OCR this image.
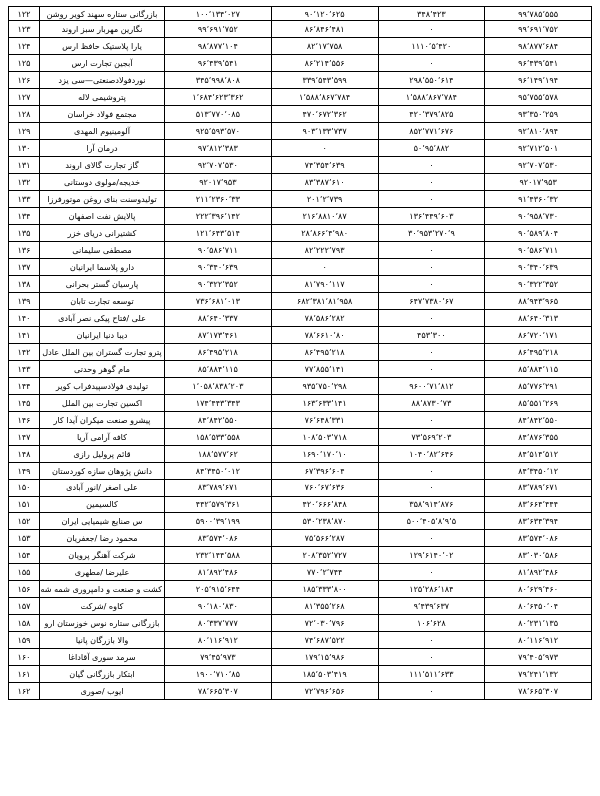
۹۹٬۷۸۵٬۵۵۵	۳۴۸٬۴۲۳	۹۰٬۱۲۰٬۶۲۵	۱۰۰٬۱۳۴٬۰۲۷	بازرگانی ستاره سهند کویر روشن	۱۲۲
۹۹٬۶۹۱٬۷۵۲	٠	۸۶٬۸۴۶٬۴۸۱	۹۹٬۶۹۱٬۷۵۲	نگارین مهربار سبز اروند	۱۲۳
۹۸٬۸۷۷٬۶۸۴	۱۱۱٠٬۵٬۴۲٠	۸۲٬۱۷٬۷۵۸	۹۸٬۸۷۷٬۱۰۴	یارا پلاستیک حافظ ارس	۱۲۴
۹۶٬۴۳۹٬۵۴۱	٠	۸۶٬۲۱۴٬۵۵۶	۹۶٬۴۳۹٬۵۴۱	آبجین تجارت ارس	۱۲۵
۹۶٬۱۴۹٬۱۹۴	۲۹۸٬۵۵٠٬۶۱۴	۳۳۹٬۵۴۳٬۵۹۹	۳۴۵٬۹۹۸٬۸٠۸	نوردفولادصنعتی—سی یزد	۱۲۶
۹۵٬۷۵۵٬۵۷۸	۱٬۵۸۸٬۸۶۷٬۷۸۴	۱٬۵۸۸٬۸۶۷٬۷۸۴	۱٬۶۸۴٬۶۲۳٬۳۶۲	پتروشیمی لاله	۱۲۷
۹۳٬۳۵٠٬۲۵۹	۴۲٠٬۳۷۹٬۸۲۵	۴۷٠٬۶۷۲٬۳۶۲	۵۱۳٬۷۷٠٬٠۸۵	مجتمع فولاد خراسان	۱۲۸
۹۲٬۸۱٠٬۸۹۴	۸۵۲٬۷۷۱٬۶۷۶	۹٠۳٬۱۳۳٬۷۳۷	۹۲۵٬۵۹۳٬۵۷٠	آلومینیوم المهدی	۱۲۹
۹۲٬۷۱۲٬۵٠۱	۵٠٬۹۵٬۸۸۲	٠	۹۷٬۸۱۲٬۳۸۳	درمان آرا	۱۳٠
۹۲٬۷٠۷٬۵۳٠	٠	۷۴٬۳۵۴٬۶۳۹	۹۲٬۷٠۷٬۵۳٠	گاز تجارت گالای اروند	۱۳۱
۹۲٠۱۷٬۹۵۳	٠	۸۳٬۳۸۷٬۶۱٠	۹۲٠۱۷٬۹۵۳	خدیجه/مولوی دوستانی	۱۳۲
۹۱٬۴۳۶٠٬۳۲	٠	۲٠۱٬۲٬۷۳۹	۲۱۱٬۲۳۶٠٬۳۳	تولیدوسنت بنای روغن موتورفرزا	۱۳۳
۹٠٬۹۵۸٬۷۳٠	۱۳۶٬۴۴۹٬۶٠۳	۲۱۶٬۸۸۱٠٬۸۷	۲۲۲٬۳۹۶٬۱۴۲	پالایش نفت اصفهان	۱۳۴
۹٠٬۵۸۹٬۸٠۴	۳٠٬۹۵۳٬۲۷٠٬۹	۲۸٬۸۶۶٬۴٬۹۸٠	۱۲۱٬۶۴۳٬۵۱۴	کشتیرانی دریای خزر	۱۳۵
۹٠٬۵۸۶٬۷۱۱	٠	۸۲٬۲۲۲٬۷۹۳	۹٠٬۵۸۶٬۷۱۱	مصطفی سلیمانی	۱۳۶
۹٠٬۳۴٠٬۶۳۹	٠	٠	۹٠٬۳۴٠٬۶۳۹	دارو پلاسما ایرانیان	۱۳۷
۹٠٬۳۲۲٬۳۵۲	٠	۸۱٬۷۹٠٬۱۱۷	۹٠٬۳۲۲٬۳۵۲	پارسیان گستر بحرانی	۱۳۸
۸۸٬۹۴۳٬۹۶۵	۶۴۷٬۷۳۸٠٬۶۷	۶۸۲٬۳۸۱٬۸۱٬۹۵۸	۷۳۶٬۶۸۱٬٠۱۳	توسعه تجارت تابان	۱۳۹
۸۸٬۶۴٠٬۳۱۳	٠	۷۸٬۵۸۶٬۲۸۲	۸۸٬۶۴٠٬۳۳۷	علی /فتاح پیکی نصر آبادی	۱۴٠
۸۶٬۷۲٠٬۱۷۱	۴۵۳٬۳٠٠	۷۸٬۶۶۱٠٬۸٠	۸۷٬۱۷۳٬۴۶۱	دیبا دنیا ایرانیان	۱۴۱
۸۶٬۴۹۵٬۲۱۸	٠	۸۶٬۴۹۵٬۲۱۸	۸۶٬۴۹۵٬۲۱۸	پترو تجارت گستران بین الملل عادل	۱۴۲
۸۵٬۸۸۴٬۱۱۵	٠	۷۷٬۸۵۵٬۱۴۱	۸۵٬۸۸۴٬۱۱۵	مام گوهر وحدتی	۱۴۳
۸۵٬۷۷۶٬۲۹۱	۹۶٠٠٬۷۱٬۸۱۲	۹۳۵٬۷۵٠٬۲۹۸	۱٬٠۵۸٬۸۳۸٬۲٠۳	تولیدی فولادسپیدفراب کویر	۱۴۴
۸۵٬۵۵۱٬۲۶۹	۸۸٬۸۷۳٠٬۷۳	۱۶۳٬۶۳۳٬۱۴۱	۱۷۴٬۴۴۳٬۳۴۳	اکسین تجارت بین الملل	۱۴۵
۸۴٬۸۴۲٬۵۵٠	٠	۷۶٬۶۴۸٬۳۳۱	۸۴٬۸۴۲٬۵۵٠	پیشرو صنعت میکران آیدا کار	۱۴۶
۸۴٬۸۷۶٬۳۵۵	۷۳٬۵۶۹٬۲٠۳	۱٠۸٬۵٠۳٬۷۱۸	۱۵۸٬۵۳۳٬۵۵۸	کافه آرامی آریا	۱۴۷
۸۴٬۵۱۴٬۵۱۲	۱٠۴٠٬۸۲٬۶۴۶	۱۶۹٠٬۱۷٠٬۱٠	۱۸۸٬۵۷۷٬۶۲	قائم پرولیل رازی	۱۴۸
۸۴٬۳۴۵٠٬۱۲	٠	۶۷٬۳۹۶٬۶٠۴	۸۴٬۳۴۵٠٬٠۱۲	دانش پژوهان سازه کوردستان	۱۴۹
۸۳٬۷۸۹٬۶۷۱	٠	۷۶٠٬۶۷٬۶۳۶	۸۳٬۷۸۹٬۶۷۱	علی اصغر /انور آبادی	۱۵٠
۸۳٬۶۶۴٬۴۴۴	۳۵۸٬۹۱۴٬۸۷۶	۴۲٠٬۶۶۶٬۸۴۸	۴۴۲٬۵۷۹٬۳۶۱	کالسیمین	۱۵۱
۸۳٬۶۳۴٬۳۹۴	۵٠٠٬۴٠۵٬۸٬۹٬۵	۵۳٠٬۲۳۸٬۸۷٠	۵۹٠٠٬۳۹٬۱۹۹	س صنایع شیمیایی ایران	۱۵۲
۸۳٬۵۷۴٬٠۸۶	٠	۷۵٬۵۶۶٬۲۸۷	۸۳٬۵۷۴٬٠۸۶	محمود رضا /جعفریان	۱۵۳
۸۳٬٠۳٠٬۵۸۶	۱۲۹٬۶۱۴٠٬٠۲	۲٠۸٬۳۵۲٬۷۲۷	۲۳۲٬۱۴۴٬۵۸۸	شرکت آهنگر پرویان	۱۵۴
۸۱٬۸۹۲٬۴۸۶	٠	۷۷٠٬۲٬۷۴۴	۸۱٬۸۹۲٬۴۸۶	علیرضا /مطهری	۱۵۵
۸٠٬۶۲۹٬۴۶٠	۱۲۵٬۲۸۶٬۱۸۴	۱۸۵٬۳۳۳٬۸٠٠	۲٠۵٬۹۱۵٬۶۴۴	کشت و صنعت و دامپروری شمه شه	۱۵۶
۸٠٬۶۴۵٠٬٠۴	۹٬۴۳۹٬۶۳۷	۸۱٬۳۵۵٬۲۶۸	۹٠٬۱۸٠٬۸۳٠	کاوه /شرکت	۱۵۷
۸٠٬۲۳۱٬۱۳۵	۱٠۶٬۶۲۸	۷۲٬٠۳٠٬۷۹۶	۸٠٬۳۳۷٬۷۷۷	بازرگانی ستاره نوس خوزستان ارو	۱۵۸
۸٠٬۱۱۶٬۹۱۲	٠	۷۴٬۶۸۷٬۵۲۲	۸٠٬۱۱۶٬۹۱۲	والا بازرگان پانیا	۱۵۹
۷۹٬۴٠۵٬۹۷۳	٠	۱۷۹٬۱۵٬۹۸۶	۷۹٬۴۵٬۹۷۳	سرمد سوری آقاداغا	۱۶٠
۷۹٬۲۴۱٬۱۳۲	۱۱۱٬۵۱۱٬۶۳۳	۱۸۵٬۵٠۳٬۴۱۹	۱۹٠٠٬۷۱٠٬۸۵	ابتکار بازرگانی گیان	۱۶۱
۷۸٬۶۶۵٬۳٠۷	٠	۷۲٬۷۹۶٬۶۵۶	۷۸٬۶۶۵٬۳٠۷	ایوب /صوری	۱۶۲
